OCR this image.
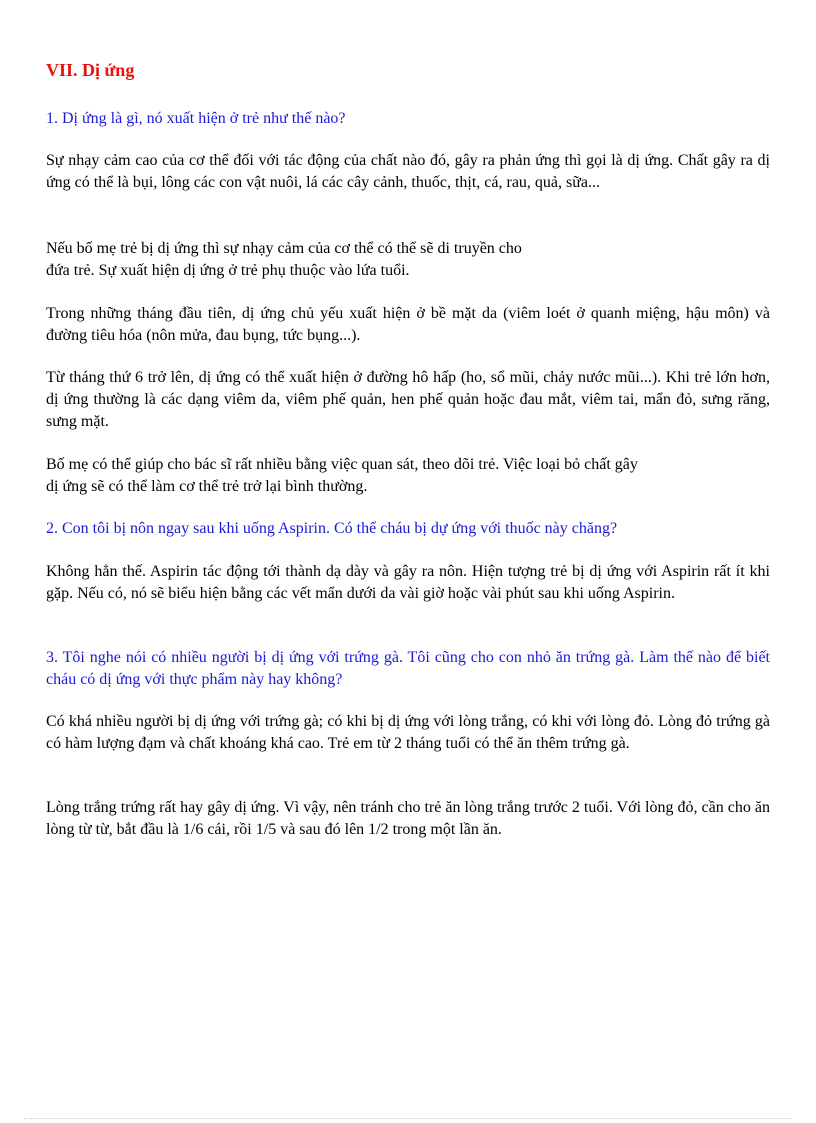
VII. Dị ứng

1. Dị ứng là gì, nó xuất hiện ở trẻ như thế nào?

Sự nhạy cảm cao của cơ thể đối với tác động của chất nào đó, gây ra phản ứng thì gọi là dị ứng. Chất gây ra dị ứng có thể là bụi, lông các con vật nuôi, lá các cây cảnh, thuốc, thịt, cá, rau, quả, sữa...

Nếu bố mẹ trẻ bị dị ứng thì sự nhạy cảm của cơ thể có thể sẽ di truyền cho
đứa trẻ. Sự xuất hiện dị ứng ở trẻ phụ thuộc vào lứa tuổi.

Trong những tháng đầu tiên, dị ứng chủ yếu xuất hiện ở bề mặt da (viêm loét ở quanh miệng, hậu môn) và đường tiêu hóa (nôn mửa, đau bụng, tức bụng...).

Từ tháng thứ 6 trở lên, dị ứng có thể xuất hiện ở đường hô hấp (ho, sổ mũi, chảy nước mũi...). Khi trẻ lớn hơn, dị ứng thường là các dạng viêm da, viêm phế quản, hen phế quản hoặc đau mắt, viêm tai, mẩn đỏ, sưng răng, sưng mặt.

Bố mẹ có thể giúp cho bác sĩ rất nhiều bằng việc quan sát, theo dõi trẻ. Việc loại bỏ chất gây
dị ứng sẽ có thể làm cơ thể trẻ trở lại bình thường.

2. Con tôi bị nôn ngay sau khi uống Aspirin. Có thể cháu bị dự ứng với thuốc này chăng?

Không hẳn thế. Aspirin tác động tới thành dạ dày và gây ra nôn. Hiện tượng trẻ bị dị ứng với Aspirin rất ít khi gặp. Nếu có, nó sẽ biểu hiện bằng các vết mẩn dưới da vài giờ hoặc vài phút sau khi uống Aspirin.

3. Tôi nghe nói có nhiều người bị dị ứng với trứng gà. Tôi cũng cho con nhỏ ăn trứng gà. Làm thế nào để biết cháu có dị ứng với thực phẩm này hay không?

Có khá nhiều người bị dị ứng với trứng gà; có khi bị dị ứng với lòng trắng, có khi với lòng đỏ. Lòng đỏ trứng gà có hàm lượng đạm và chất khoáng khá cao. Trẻ em từ 2 tháng tuổi có thể ăn thêm trứng gà.

Lòng trắng trứng rất hay gây dị ứng. Vì vậy, nên tránh cho trẻ ăn lòng trắng trước 2 tuổi. Với lòng đỏ, cần cho ăn lòng từ từ, bắt đầu là 1/6 cái, rồi 1/5 và sau đó lên 1/2 trong một lần ăn.
